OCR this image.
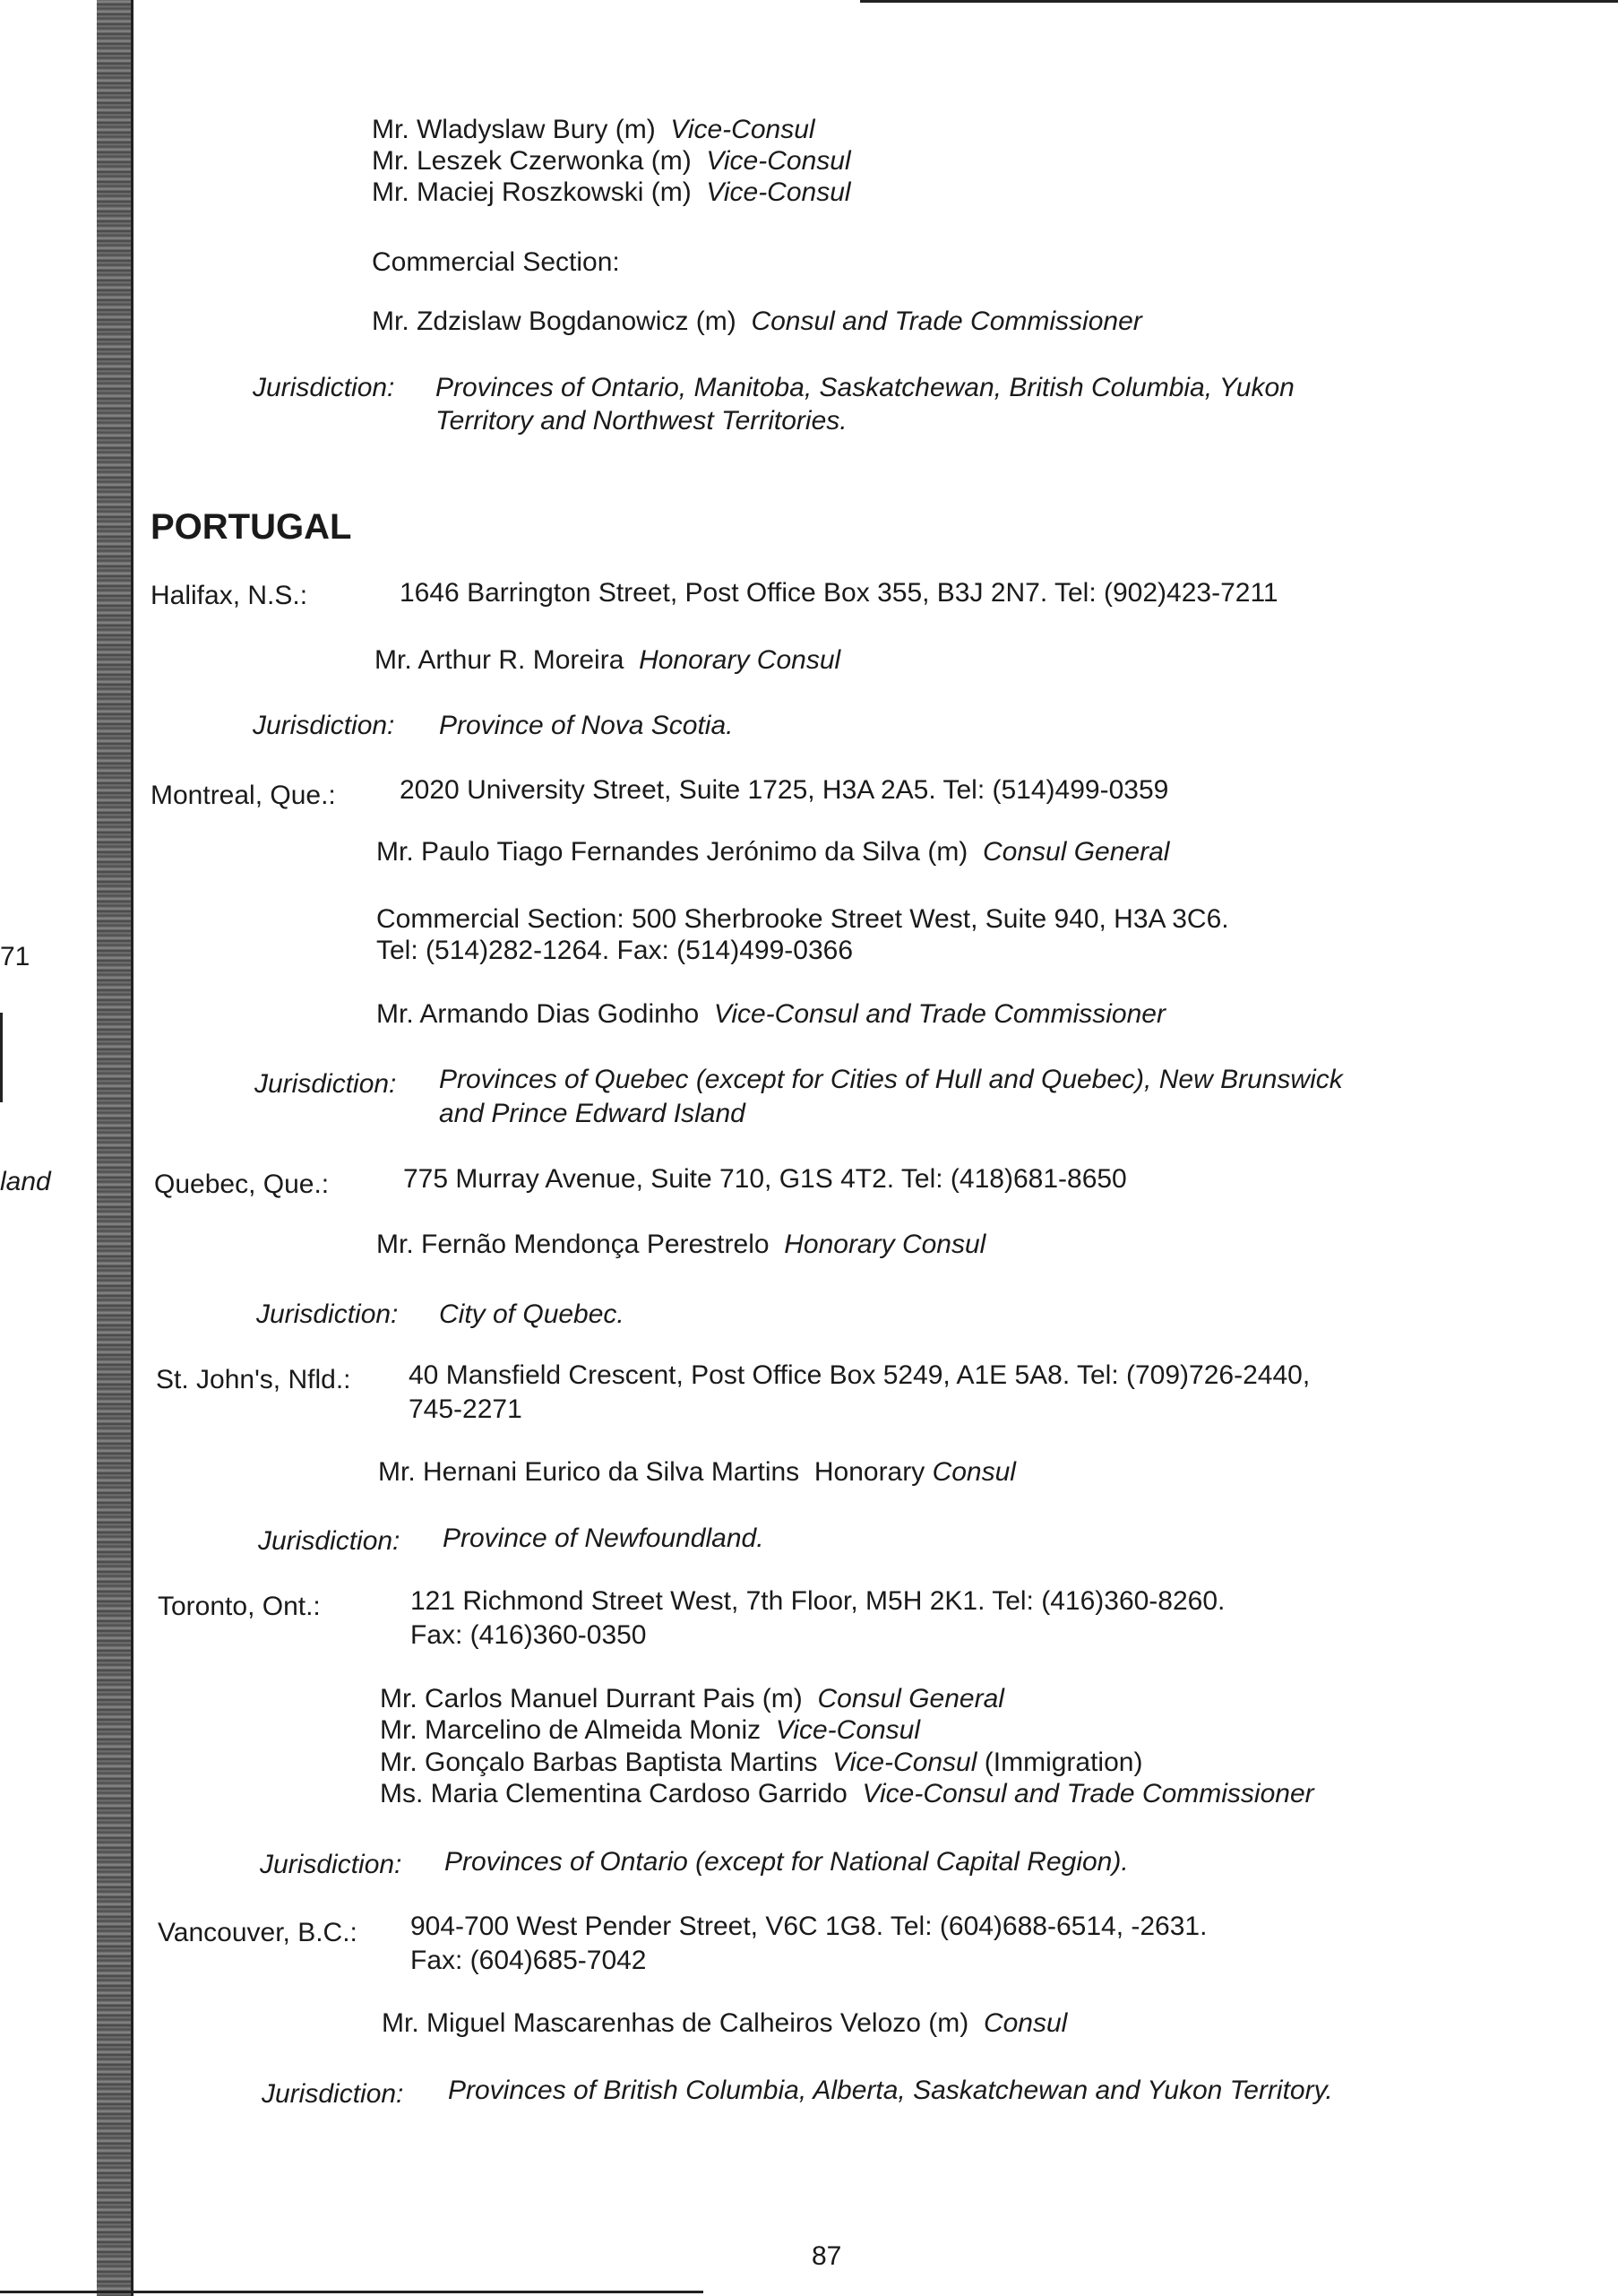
71
land
Mr. Wladyslaw Bury (m) Vice-Consul
Mr. Leszek Czerwonka (m) Vice-Consul
Mr. Maciej Roszkowski (m) Vice-Consul
Commercial Section:
Mr. Zdzislaw Bogdanowicz (m) Consul and Trade Commissioner
Jurisdiction: Provinces of Ontario, Manitoba, Saskatchewan, British Columbia, Yukon
Territory and Northwest Territories.
PORTUGAL
Halifax, N.S.:	1646 Barrington Street, Post Office Box 355, B3J 2N7. Tel: (902)423-7211
Mr. Arthur R. Moreira Honorary Consul
Jurisdiction: Province of Nova Scotia.
Montreal, Que.: 2020 University Street, Suite 1725, H3A 2A5. Tel: (514)499-0359
Mr. Paulo Tiago Fernandes Jerónimo da Silva (m) Consul General
Commercial Section: 500 Sherbrooke Street West, Suite 940, H3A 3C6.
Tel: (514)282-1264. Fax: (514)499-0366
Mr. Armando Dias Godinho Vice-Consul and Trade Commissioner
Jurisdiction: Provinces of Quebec (except for Cities of Hull and Quebec), New Brunswick
and Prince Edward Island
Quebec, Que.:	775 Murray Avenue, Suite 710, G1S 4T2. Tel: (418)681-8650
Mr. Fernão Mendonça Perestrelo Honorary Consul
Jurisdiction: City of Quebec.
St. John's, Nfld.: 40 Mansfield Crescent, Post Office Box 5249, A1E 5A8. Tel: (709)726-2440,
745-2271
Mr. Hernani Eurico da Silva Martins Honorary Consul
Jurisdiction: Province of Newfoundland.
Toronto, Ont.:	121 Richmond Street West, 7th Floor, M5H 2K1. Tel: (416)360-8260.
Fax: (416)360-0350
Mr. Carlos Manuel Durrant Pais (m) Consul General
Mr. Marcelino de Almeida Moniz Vice-Consul
Mr. Gonçalo Barbas Baptista Martins Vice-Consul (Immigration)
Ms. Maria Clementina Cardoso Garrido Vice-Consul and Trade Commissioner
Jurisdiction: Provinces of Ontario (except for National Capital Region).
Vancouver, B.C.: 904-700 West Pender Street, V6C 1G8. Tel: (604)688-6514, -2631.
Fax: (604)685-7042
Mr. Miguel Mascarenhas de Calheiros Velozo (m) Consul
Jurisdiction: Provinces of British Columbia, Alberta, Saskatchewan and Yukon Territory.
87
